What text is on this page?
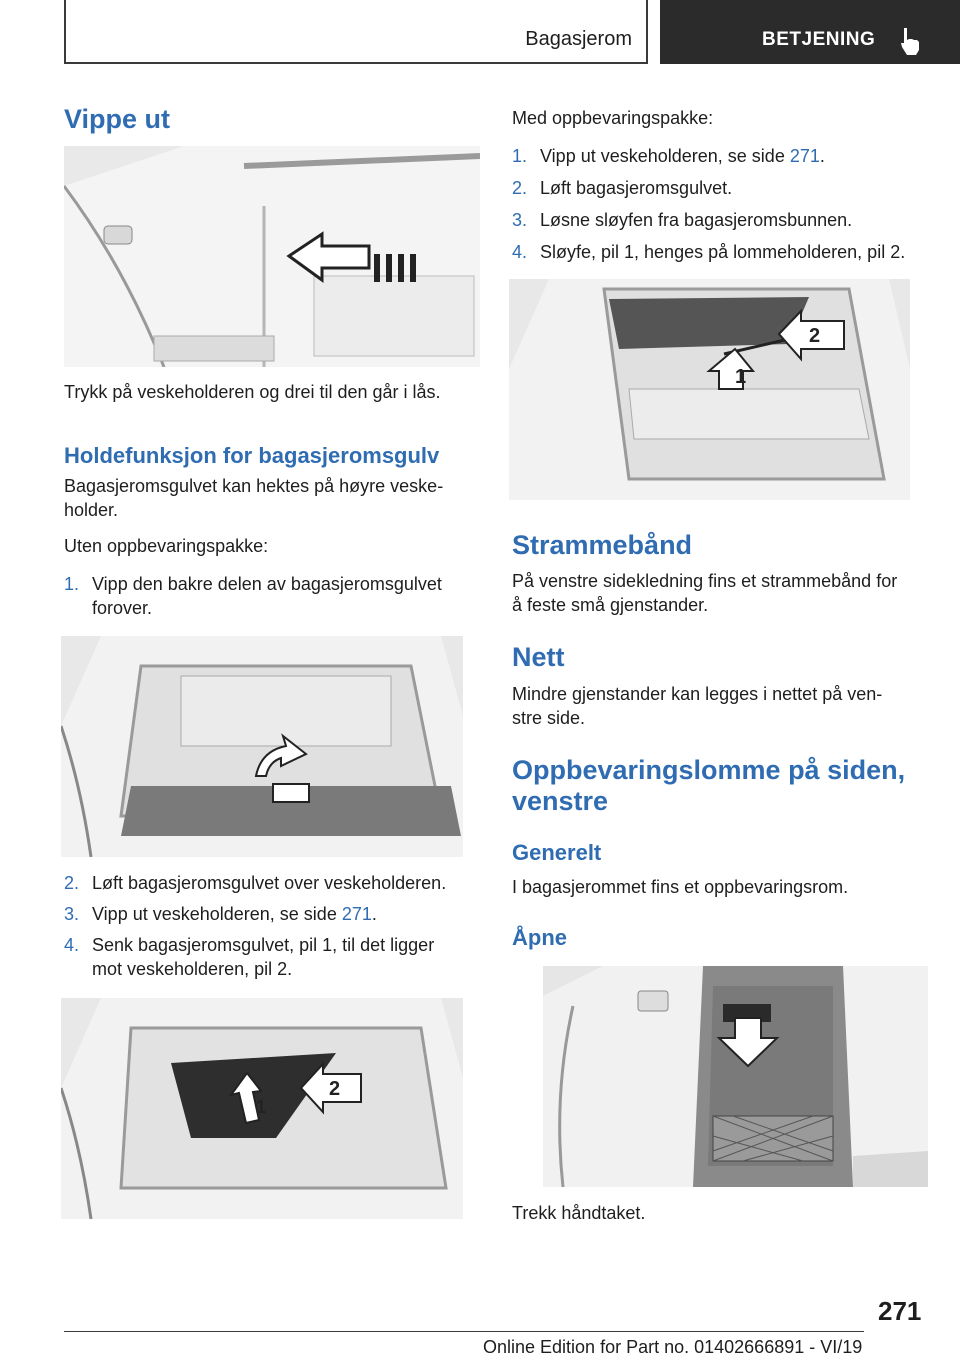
Bagasjerom	BETJENING
Vippe ut
Trykk på veskeholderen og drei til den går i lås.
Holdefunksjon for bagasjeromsgulv
Bagasjeromsgulvet kan hektes på høyre veske-
holder.
Uten oppbevaringspakke:
1. Vipp den bakre delen av bagasjeromsgulvet
forover.
2. Løft bagasjeromsgulvet over veskeholderen.
3. Vipp ut veskeholderen, se side 271.
4. Senk bagasjeromsgulvet, pil 1, til det ligger
mot veskeholderen, pil 2.
1
2
Med oppbevaringspakke:
1. Vipp ut veskeholderen, se side 271.
2. Løft bagasjeromsgulvet.
3. Løsne sløyfen fra bagasjeromsbunnen.
4. Sløyfe, pil 1, henges på lommeholderen, pil 2.
1
2
Strammebånd
På venstre sidekledning fins et strammebånd for
å feste små gjenstander.
Nett
Mindre gjenstander kan legges i nettet på ven-
stre side.
Oppbevaringslomme på siden,
venstre
Generelt
I bagasjerommet fins et oppbevaringsrom.
Åpne
Trekk håndtaket.
271
Online Edition for Part no. 01402666891 - VI/19
